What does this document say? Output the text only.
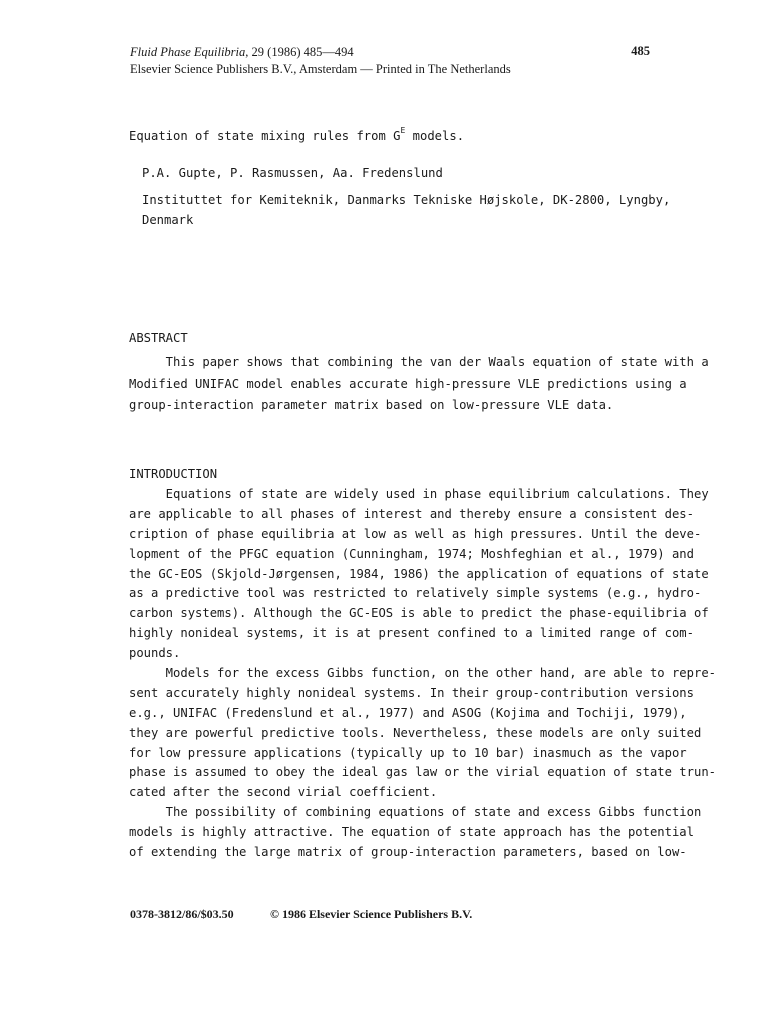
Fluid Phase Equilibria, 29 (1986) 485—494
Elsevier Science Publishers B.V., Amsterdam — Printed in The Netherlands
485
Equation of state mixing rules from $G^E$ models.
P.A. Gupte, P. Rasmussen, Aa. Fredenslund
Instituttet for Kemiteknik, Danmarks Tekniske Højskole, DK-2800, Lyngby,
Denmark
ABSTRACT
This paper shows that combining the van der Waals equation of state with a
Modified UNIFAC model enables accurate high-pressure VLE predictions using a
group-interaction parameter matrix based on low-pressure VLE data.
INTRODUCTION
Equations of state are widely used in phase equilibrium calculations. They
are applicable to all phases of interest and thereby ensure a consistent des-
cription of phase equilibria at low as well as high pressures. Until the deve-
lopment of the PFGC equation (Cunningham, 1974; Moshfeghian et al., 1979) and
the GC-EOS (Skjold-Jørgensen, 1984, 1986) the application of equations of state
as a predictive tool was restricted to relatively simple systems (e.g., hydro-
carbon systems). Although the GC-EOS is able to predict the phase-equilibria of
highly nonideal systems, it is at present confined to a limited range of com-
pounds.
Models for the excess Gibbs function, on the other hand, are able to repre-
sent accurately highly nonideal systems. In their group-contribution versions
e.g., UNIFAC (Fredenslund et al., 1977) and ASOG (Kojima and Tochiji, 1979),
they are powerful predictive tools. Nevertheless, these models are only suited
for low pressure applications (typically up to 10 bar) inasmuch as the vapor
phase is assumed to obey the ideal gas law or the virial equation of state trun-
cated after the second virial coefficient.
The possibility of combining equations of state and excess Gibbs function
models is highly attractive. The equation of state approach has the potential
of extending the large matrix of group-interaction parameters, based on low-
0378-3812/86/$03.50	© 1986 Elsevier Science Publishers B.V.
